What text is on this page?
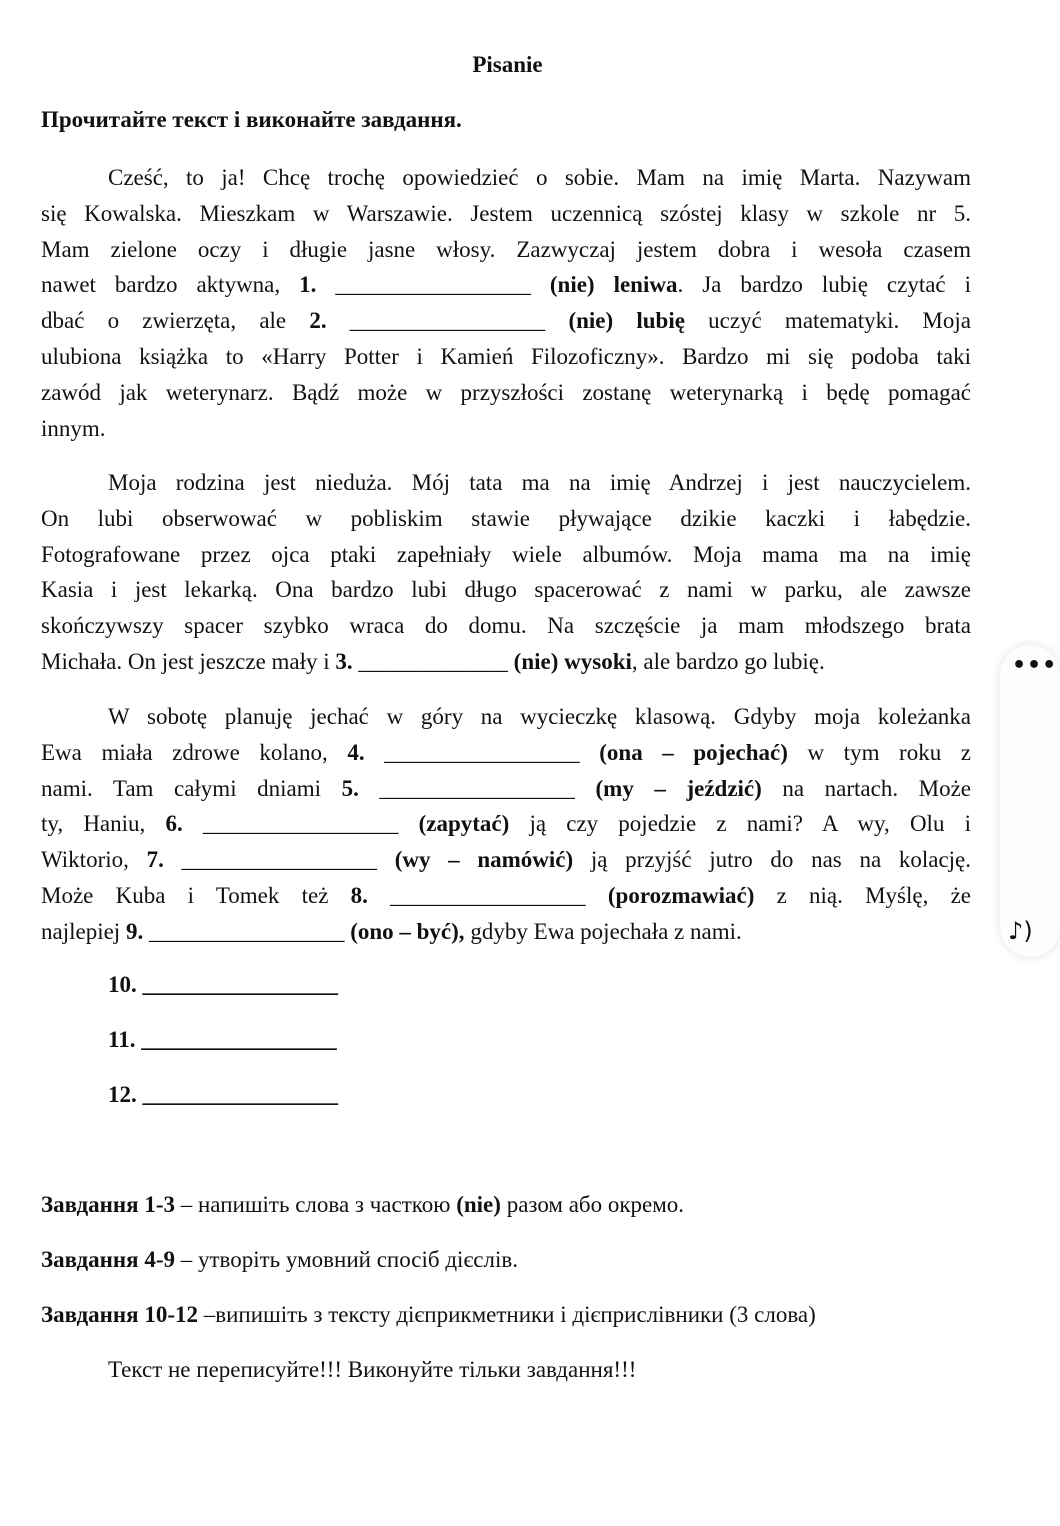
Pisanie
Прочитайте текст і виконайте завдання.
Cześć, to ja! Chcę trochę opowiedzieć o sobie. Mam na imię Marta. Nazywam
się Kowalska. Mieszkam w Warszawie. Jestem uczennicą szóstej klasy w szkole nr 5.
Mam zielone oczy i długie jasne włosy. Zazwyczaj jestem dobra i wesoła czasem
nawet bardzo aktywna, 1. _________________ (nie) leniwa. Ja bardzo lubię czytać i
dbać o zwierzęta, ale 2. _________________ (nie) lubię uczyć matematyki. Moja
ulubiona książka to «Harry Potter i Kamień Filozoficzny». Bardzo mi się podoba taki
zawód jak weterynarz. Bądź może w przyszłości zostanę weterynarką i będę pomagać
innym.
Moja rodzina jest nieduża. Mój tata ma na imię Andrzej i jest nauczycielem.
On lubi obserwować w pobliskim stawie pływające dzikie kaczki i łabędzie.
Fotografowane przez ojca ptaki zapełniały wiele albumów. Moja mama ma na imię
Kasia i jest lekarką. Ona bardzo lubi długo spacerować z nami w parku, ale zawsze
skończywszy spacer szybko wraca do domu. Na szczęście ja mam młodszego brata
Michała. On jest jeszcze mały i 3. _____________ (nie) wysoki, ale bardzo go lubię.
W sobotę planuję jechać w góry na wycieczkę klasową. Gdyby moja koleżanka
Ewa miała zdrowe kolano, 4. _________________ (ona – pojechać) w tym roku z
nami. Tam całymi dniami 5. _________________ (my – jeździć) na nartach. Może
ty, Haniu, 6. _________________ (zapytać) ją czy pojedzie z nami? A wy, Olu i
Wiktorio, 7. _________________ (wy – namówić) ją przyjść jutro do nas na kolację.
Może Kuba i Tomek też 8. _________________ (porozmawiać) z nią. Myślę, że
najlepiej 9. _________________ (ono – być), gdyby Ewa pojechała z nami.
10. _________________
11. _________________
12. _________________
Завдання 1-3 – напишіть слова з часткою (nie) разом або окремо.
Завдання 4-9 – утворіть умовний спосіб дієслів.
Завдання 10-12 –випишіть з тексту дієприкметники і дієприслівники (3 слова)
Текст не переписуйте!!! Виконуйте тільки завдання!!!
•••
♪)
